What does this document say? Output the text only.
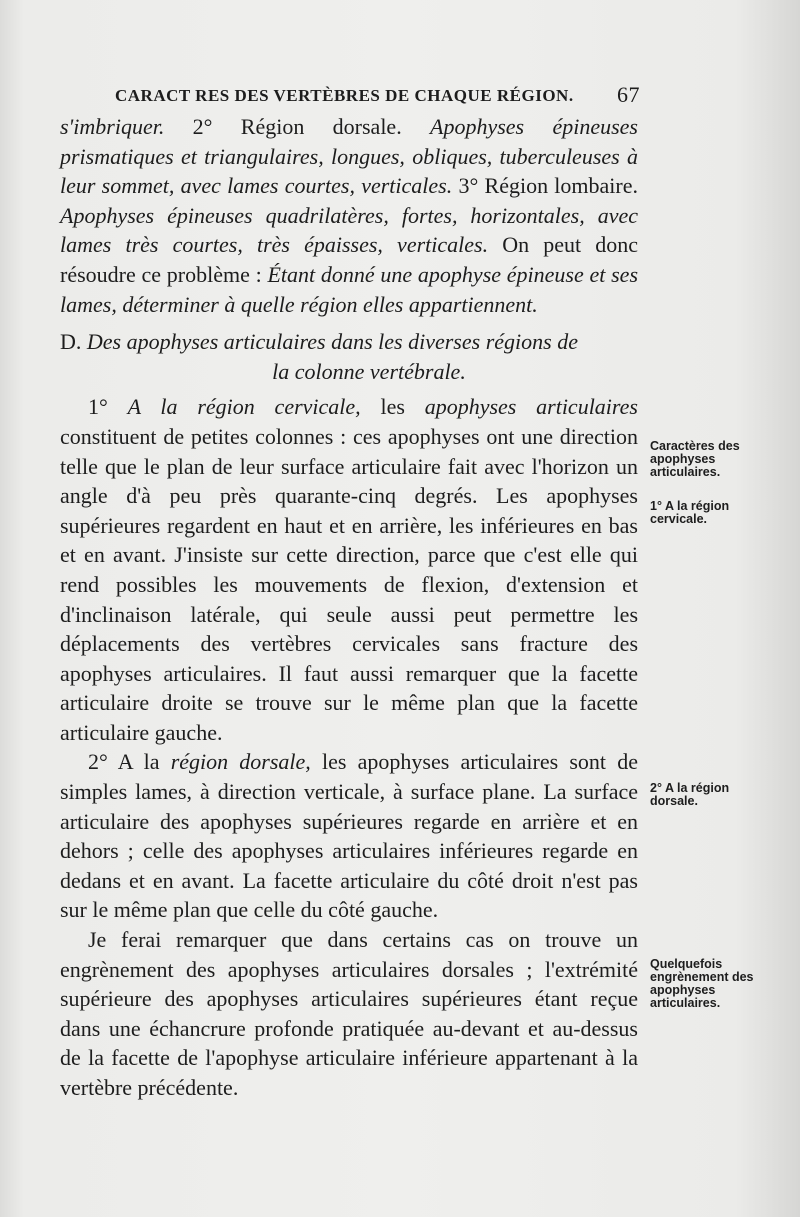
CARACT RES DES VERTÈBRES DE CHAQUE RÉGION. 67

s'imbriquer. 2° Région dorsale. Apophyses épineuses prismatiques et triangulaires, longues, obliques, tuberculeuses à leur sommet, avec lames courtes, verticales. 3° Région lombaire. Apophyses épineuses quadrilatères, fortes, horizontales, avec lames très courtes, très épaisses, verticales. On peut donc résoudre ce problème : Étant donné une apophyse épineuse et ses lames, déterminer à quelle région elles appartiennent.

D. Des apophyses articulaires dans les diverses régions de
la colonne vertébrale.

1° A la région cervicale, les apophyses articulaires constituent de petites colonnes : ces apophyses ont une direction telle que le plan de leur surface articulaire fait avec l'horizon un angle d'à peu près quarante-cinq degrés. Les apophyses supérieures regardent en haut et en arrière, les inférieures en bas et en avant. J'insiste sur cette direction, parce que c'est elle qui rend possibles les mouvements de flexion, d'extension et d'inclinaison latérale, qui seule aussi peut permettre les déplacements des vertèbres cervicales sans fracture des apophyses articulaires. Il faut aussi remarquer que la facette articulaire droite se trouve sur le même plan que la facette articulaire gauche.

2° A la région dorsale, les apophyses articulaires sont de simples lames, à direction verticale, à surface plane. La surface articulaire des apophyses supérieures regarde en arrière et en dehors ; celle des apophyses articulaires inférieures regarde en dedans et en avant. La facette articulaire du côté droit n'est pas sur le même plan que celle du côté gauche.

Je ferai remarquer que dans certains cas on trouve un engrènement des apophyses articulaires dorsales ; l'extrémité supérieure des apophyses articulaires supérieures étant reçue dans une échancrure profonde pratiquée au-devant et au-dessus de la facette de l'apophyse articulaire inférieure appartenant à la vertèbre précédente.

Caractères des apophyses articulaires.
1° A la région cervicale.
2° A la région dorsale.
Quelquefois engrènement des apophyses articulaires.
